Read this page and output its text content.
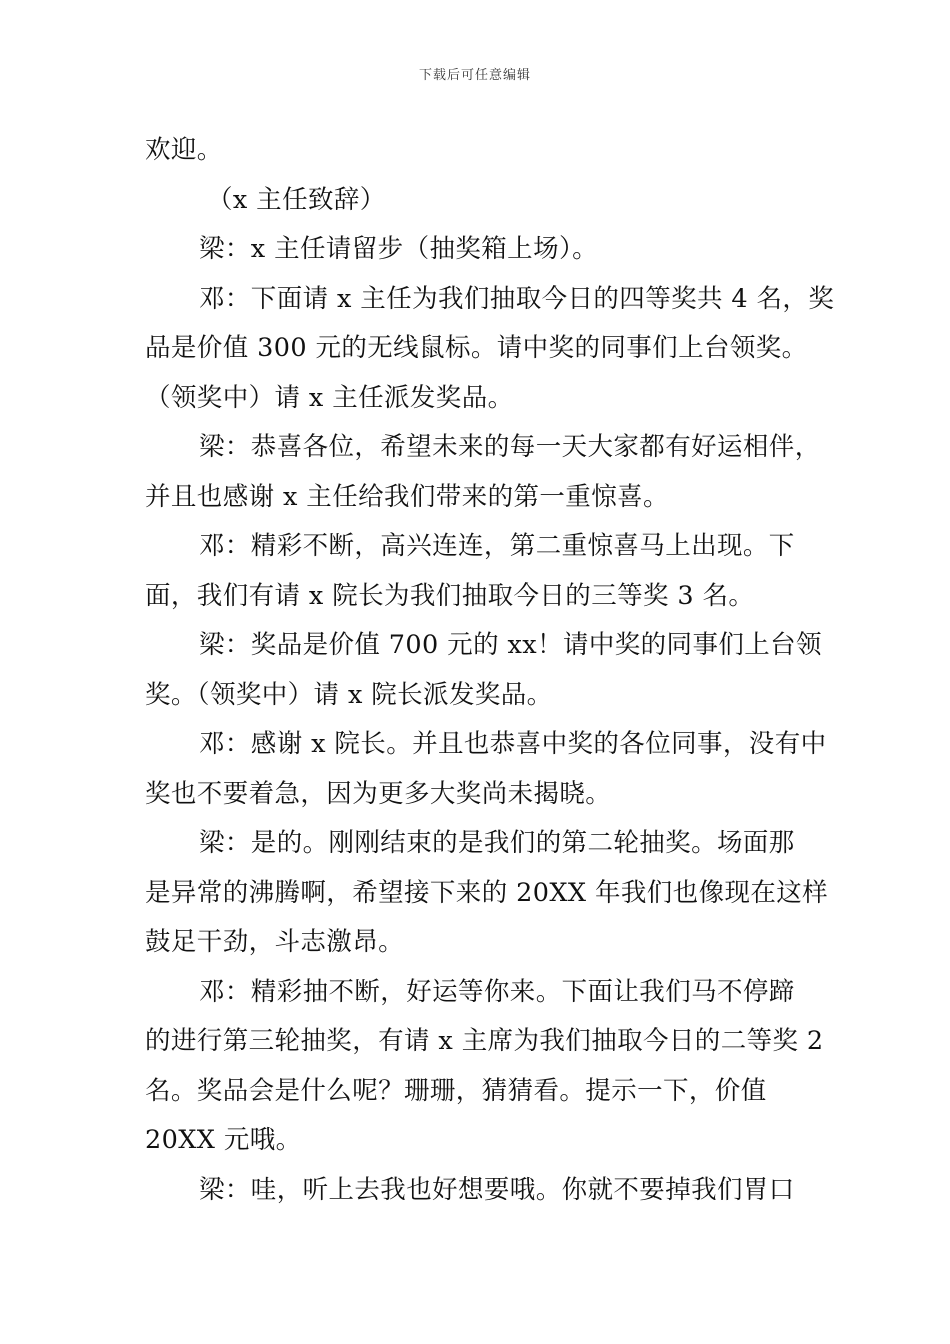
下载后可任意编辑
欢迎。
（x 主任致辞）
梁：x 主任请留步（抽奖箱上场）。
邓：下面请 x 主任为我们抽取今日的四等奖共 4 名，奖
品是价值 300 元的无线鼠标。请中奖的同事们上台领奖。
（领奖中）请 x 主任派发奖品。
梁：恭喜各位，希望未来的每一天大家都有好运相伴，
并且也感谢 x 主任给我们带来的第一重惊喜。
邓：精彩不断，高兴连连，第二重惊喜马上出现。下
面，我们有请 x 院长为我们抽取今日的三等奖 3 名。
梁：奖品是价值 700 元的 xx！请中奖的同事们上台领
奖。（领奖中）请 x 院长派发奖品。
邓：感谢 x 院长。并且也恭喜中奖的各位同事，没有中
奖也不要着急，因为更多大奖尚未揭晓。
梁：是的。刚刚结束的是我们的第二轮抽奖。场面那
是异常的沸腾啊，希望接下来的 20XX 年我们也像现在这样
鼓足干劲，斗志激昂。
邓：精彩抽不断，好运等你来。下面让我们马不停蹄
的进行第三轮抽奖，有请 x 主席为我们抽取今日的二等奖 2
名。奖品会是什么呢？珊珊，猜猜看。提示一下，价值
20XX 元哦。
梁：哇，听上去我也好想要哦。你就不要掉我们胃口
